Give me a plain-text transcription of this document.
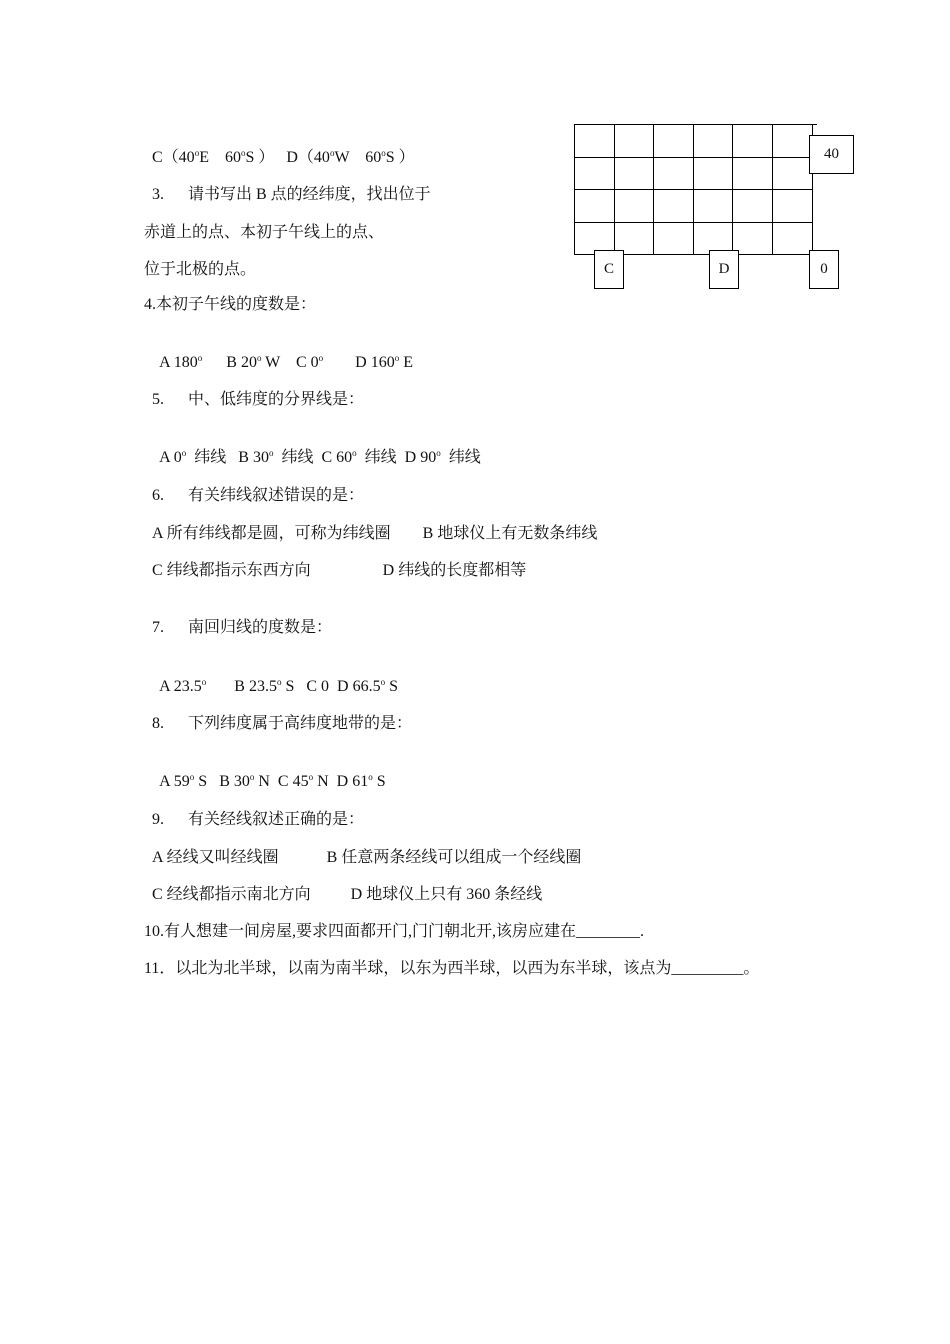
C（40$^o$E    60$^o$S ）   D（40$^o$W    60$^o$S ）

3. 请书写出 B 点的经纬度，找出位于

赤道上的点、本初子午线上的点、
位于北极的点。
4.本初子午线的度数是：

A 180$^o$      B 20$^o$ W    C 0$^o$        D 160$^o$ E

5. 中、低纬度的分界线是：

A 0$^o$  纬线   B 30$^o$  纬线  C 60$^o$  纬线  D 90$^o$  纬线

6. 有关纬线叙述错误的是：

A 所有纬线都是圆，可称为纬线圈        B 地球仪上有无数条纬线
C 纬线都指示东西方向                  D 纬线的长度都相等

7. 南回归线的度数是：

A 23.5$^o$       B 23.5$^o$ S   C 0  D 66.5$^o$ S

8. 下列纬度属于高纬度地带的是：

A 59$^o$ S   B 30$^o$ N  C 45$^o$ N  D 61$^o$ S

9. 有关经线叙述正确的是：

A 经线又叫经线圈            B 任意两条经线可以组成一个经线圈
C 经线都指示南北方向          D 地球仪上只有 360 条经线
10.有人想建一间房屋,要求四面都开门,门门朝北开,该房应建在________.
11．以北为北半球，以南为南半球，以东为西半球，以西为东半球，该点为_________。
40
C	D	0
